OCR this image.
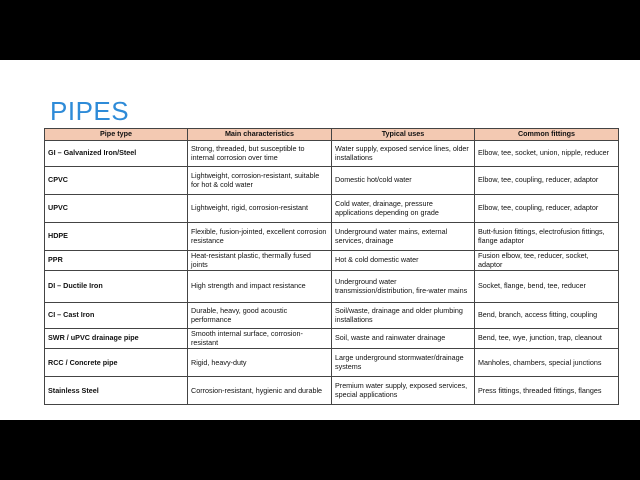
PIPES
Pipe type	Main characteristics	Typical uses	Common fittings
GI – Galvanized Iron/Steel	Strong, threaded, but susceptible to internal corrosion over time	Water supply, exposed service lines, older installations	Elbow, tee, socket, union, nipple, reducer
CPVC	Lightweight, corrosion-resistant, suitable for hot & cold water	Domestic hot/cold water	Elbow, tee, coupling, reducer, adaptor
UPVC	Lightweight, rigid, corrosion-resistant	Cold water, drainage, pressure applications depending on grade	Elbow, tee, coupling, reducer, adaptor
HDPE	Flexible, fusion-jointed, excellent corrosion resistance	Underground water mains, external services, drainage	Butt-fusion fittings, electrofusion fittings, flange adaptor
PPR	Heat-resistant plastic, thermally fused joints	Hot & cold domestic water	Fusion elbow, tee, reducer, socket, adaptor
DI – Ductile Iron	High strength and impact resistance	Underground water transmission/distribution, fire-water mains	Socket, flange, bend, tee, reducer
CI – Cast Iron	Durable, heavy, good acoustic performance	Soil/waste, drainage and older plumbing installations	Bend, branch, access fitting, coupling
SWR / uPVC drainage pipe	Smooth internal surface, corrosion-resistant	Soil, waste and rainwater drainage	Bend, tee, wye, junction, trap, cleanout
RCC / Concrete pipe	Rigid, heavy-duty	Large underground stormwater/drainage systems	Manholes, chambers, special junctions
Stainless Steel	Corrosion-resistant, hygienic and durable	Premium water supply, exposed services, special applications	Press fittings, threaded fittings, flanges
